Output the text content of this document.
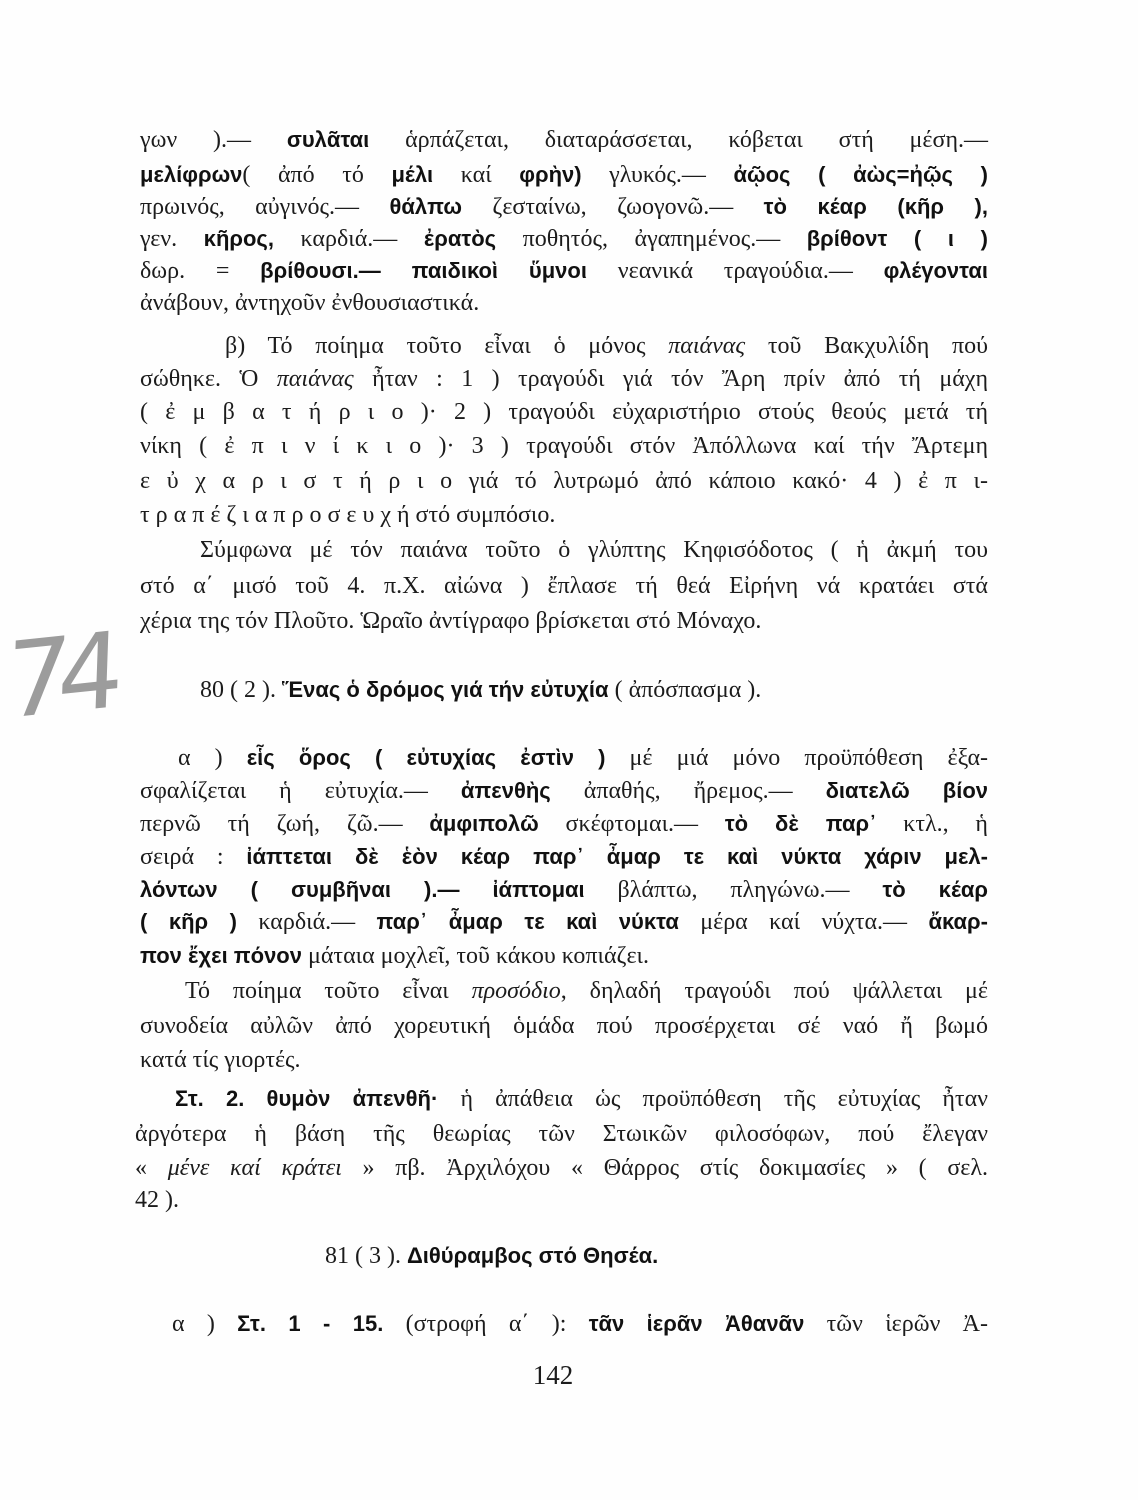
74
γων ).— συλᾶται ἁρπάζεται, διαταράσσεται, κόβεται στή μέση.—
μελίφρων( ἀπό τό μέλι καί φρὴν) γλυκός.— ἀῷος ( ἀὼς=ἠῷς )
πρωινός, αὐγινός.— θάλπω ζεσταίνω, ζωογονῶ.— τὸ κέαρ (κῆρ ),
γεν. κῆρος, καρδιά.— ἐρατὸς ποθητός, ἀγαπημένος.— βρίθοντ ( ι )
δωρ. = βρίθουσι.— παιδικοὶ ὕμνοι νεανικά τραγούδια.— φλέγονται
ἀνάβουν, ἀντηχοῦν ἐνθουσιαστικά.
β) Τό ποίημα τοῦτο εἶναι ὁ μόνος παιάνας τοῦ Βακχυλίδη πού
σώθηκε. Ὁ παιάνας ἦταν : 1 ) τραγούδι γιά τόν Ἄρη πρίν ἀπό τή μάχη
( ἐ μ β α τ ή ρ ι ο )· 2 ) τραγούδι εὐχαριστήριο στούς θεούς μετά τή
νίκη ( ἐ π ι ν ί κ ι ο )· 3 ) τραγούδι στόν Ἀπόλλωνα καί τήν Ἄρτεμη
ε ὐ χ α ρ ι σ τ ή ρ ι ο γιά τό λυτρωμό ἀπό κάποιο κακό· 4 ) ἐ π ι-
τ ρ α π έ ζ ι α π ρ ο σ ε υ χ ή στό συμπόσιο.
Σύμφωνα μέ τόν παιάνα τοῦτο ὁ γλύπτης Κηφισόδοτος ( ἡ ἀκμή του
στό α΄ μισό τοῦ 4. π.Χ. αἰώνα ) ἔπλασε τή θεά Εἰρήνη νά κρατάει στά
χέρια της τόν Πλοῦτο. Ὡραῖο ἀντίγραφο βρίσκεται στό Μόναχο.
80 ( 2 ). Ἕνας ὁ δρόμος γιά τήν εὐτυχία ( ἀπόσπασμα ).
α ) εἷς ὅρος ( εὐτυχίας ἐστὶν ) μέ μιά μόνο προϋπόθεση ἐξα-
σφαλίζεται ἡ εὐτυχία.— ἀπενθὴς ἀπαθής, ἤρεμος.— διατελῶ βίον
περνῶ τή ζωή, ζῶ.— ἀμφιπολῶ σκέφτομαι.— τὸ δὲ παρ᾽ κτλ., ἡ
σειρά : ἰάπτεται δὲ ἑὸν κέαρ παρ᾽ ἆμαρ τε καὶ νύκτα χάριν μελ-
λόντων ( συμβῆναι ).— ἰάπτομαι βλάπτω, πληγώνω.— τὸ κέαρ
( κῆρ ) καρδιά.— παρ᾽ ἆμαρ τε καὶ νύκτα μέρα καί νύχτα.— ἄκαρ-
πον ἔχει πόνον μάταια μοχλεῖ, τοῦ κάκου κοπιάζει.
Τό ποίημα τοῦτο εἶναι προσόδιο, δηλαδή τραγούδι πού ψάλλεται μέ
συνοδεία αὐλῶν ἀπό χορευτική ὁμάδα πού προσέρχεται σέ ναό ἤ βωμό
κατά τίς γιορτές.
Στ. 2. θυμὸν ἀπενθῆ· ἡ ἀπάθεια ὡς προϋπόθεση τῆς εὐτυχίας ἦταν
ἀργότερα ἡ βάση τῆς θεωρίας τῶν Στωικῶν φιλοσόφων, πού ἔλεγαν
« μένε καί κράτει » πβ. Ἀρχιλόχου « Θάρρος στίς δοκιμασίες » ( σελ.
42 ).
81 ( 3 ). Διθύραμβος στό Θησέα.
α ) Στ. 1 - 15. (στροφή α΄ ): τᾶν ἱερᾶν Ἀθανᾶν τῶν ἱερῶν Ἀ-
142
